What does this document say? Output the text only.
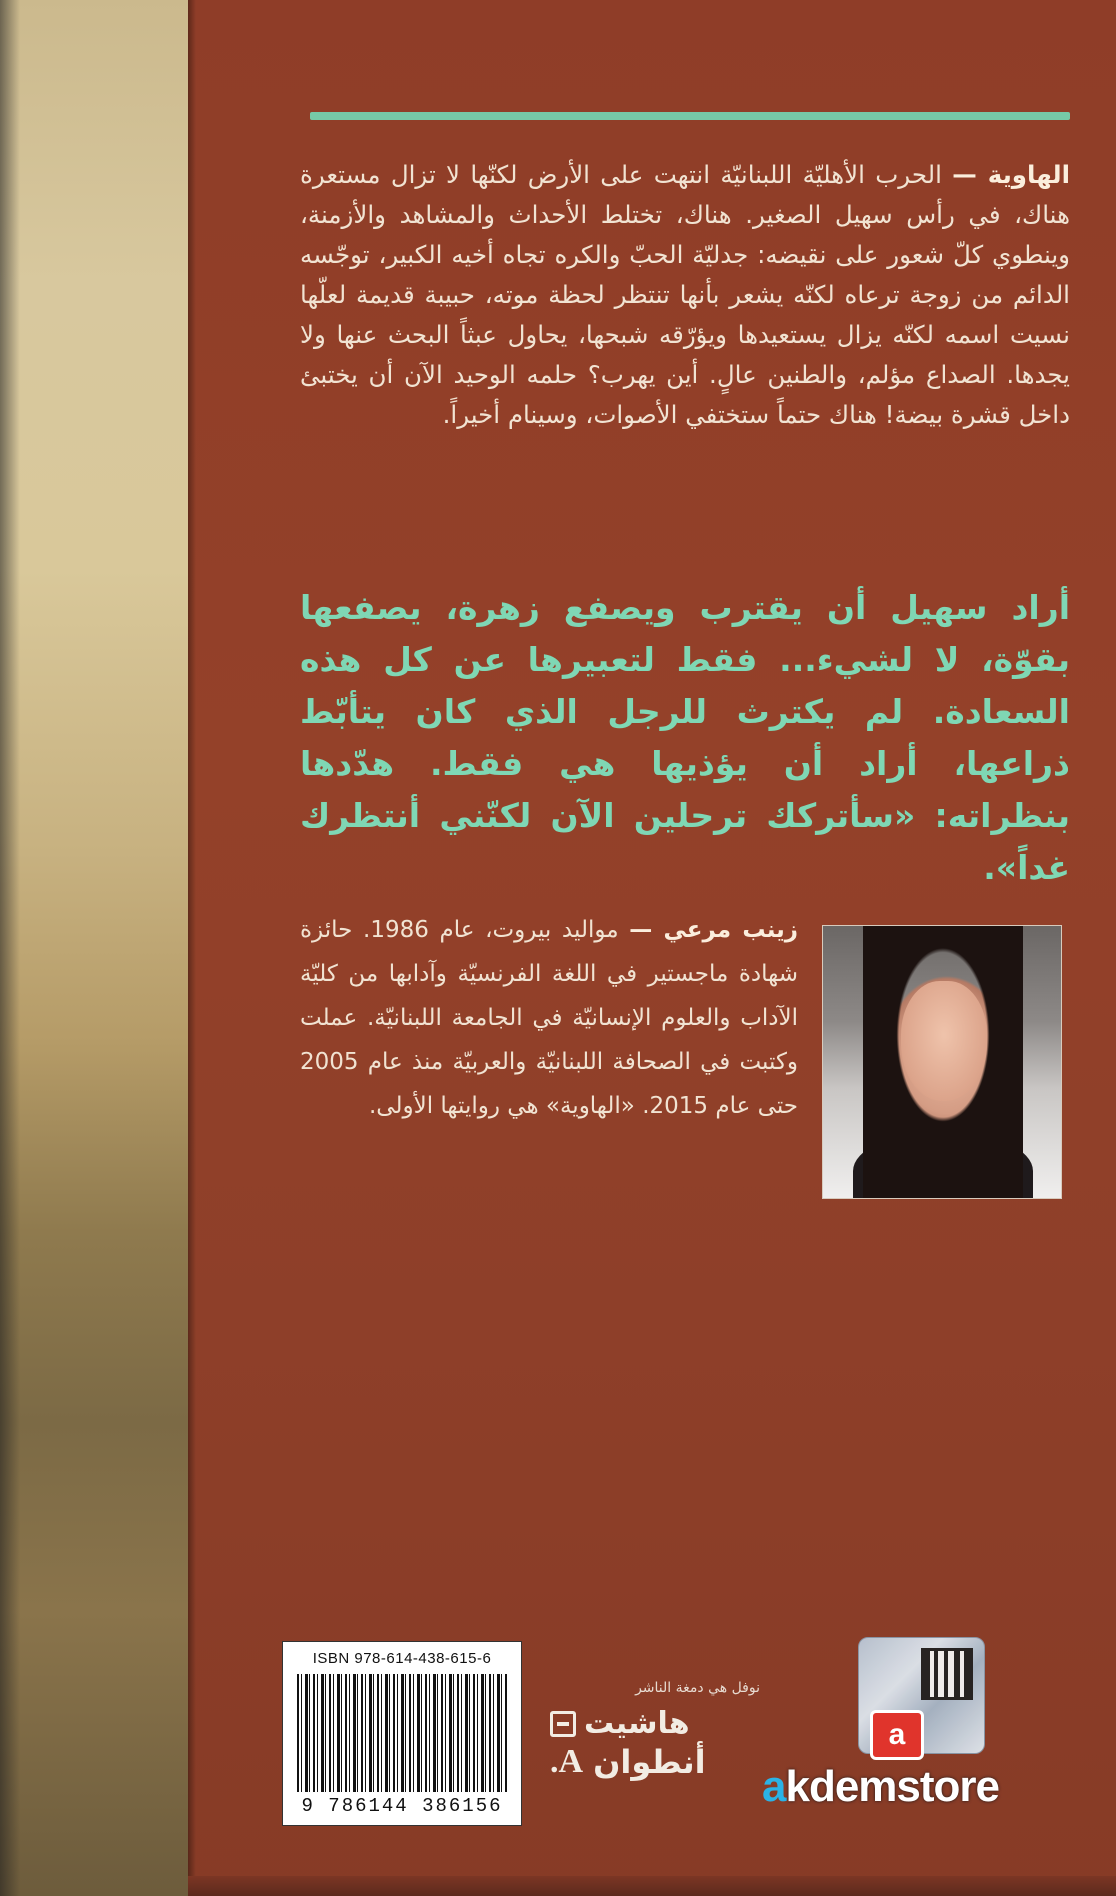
الهاوية — الحرب الأهليّة اللبنانيّة انتهت على الأرض لكنّها لا تزال مستعرة هناك، في رأس سهيل الصغير. هناك، تختلط الأحداث والمشاهد والأزمنة، وينطوي كلّ شعور على نقيضه: جدليّة الحبّ والكره تجاه أخيه الكبير، توجّسه الدائم من زوجة ترعاه لكنّه يشعر بأنها تنتظر لحظة موته، حبيبة قديمة لعلّها نسيت اسمه لكنّه يزال يستعيدها ويؤرّقه شبحها، يحاول عبثاً البحث عنها ولا يجدها. الصداع مؤلم، والطنين عالٍ. أين يهرب؟ حلمه الوحيد الآن أن يختبئ داخل قشرة بيضة! هناك حتماً ستختفي الأصوات، وسينام أخيراً.
أراد سهيل أن يقترب ويصفع زهرة، يصفعها بقوّة، لا لشيء... فقط لتعبيرها عن كل هذه السعادة. لم يكترث للرجل الذي كان يتأبّط ذراعها، أراد أن يؤذيها هي فقط. هدّدها بنظراته: «سأتركك ترحلين الآن لكنّني أنتظرك غداً».
زينب مرعي — مواليد بيروت، عام 1986. حائزة شهادة ماجستير في اللغة الفرنسيّة وآدابها من كليّة الآداب والعلوم الإنسانيّة في الجامعة اللبنانيّة. عملت وكتبت في الصحافة اللبنانيّة والعربيّة منذ عام 2005 حتى عام 2015. «الهاوية» هي روايتها الأولى.
ISBN 978-614-438-615-6
9 786144 386156
نوفل هي دمغة الناشر
هاشيت
أنطوان
A.
a
akdemstore
